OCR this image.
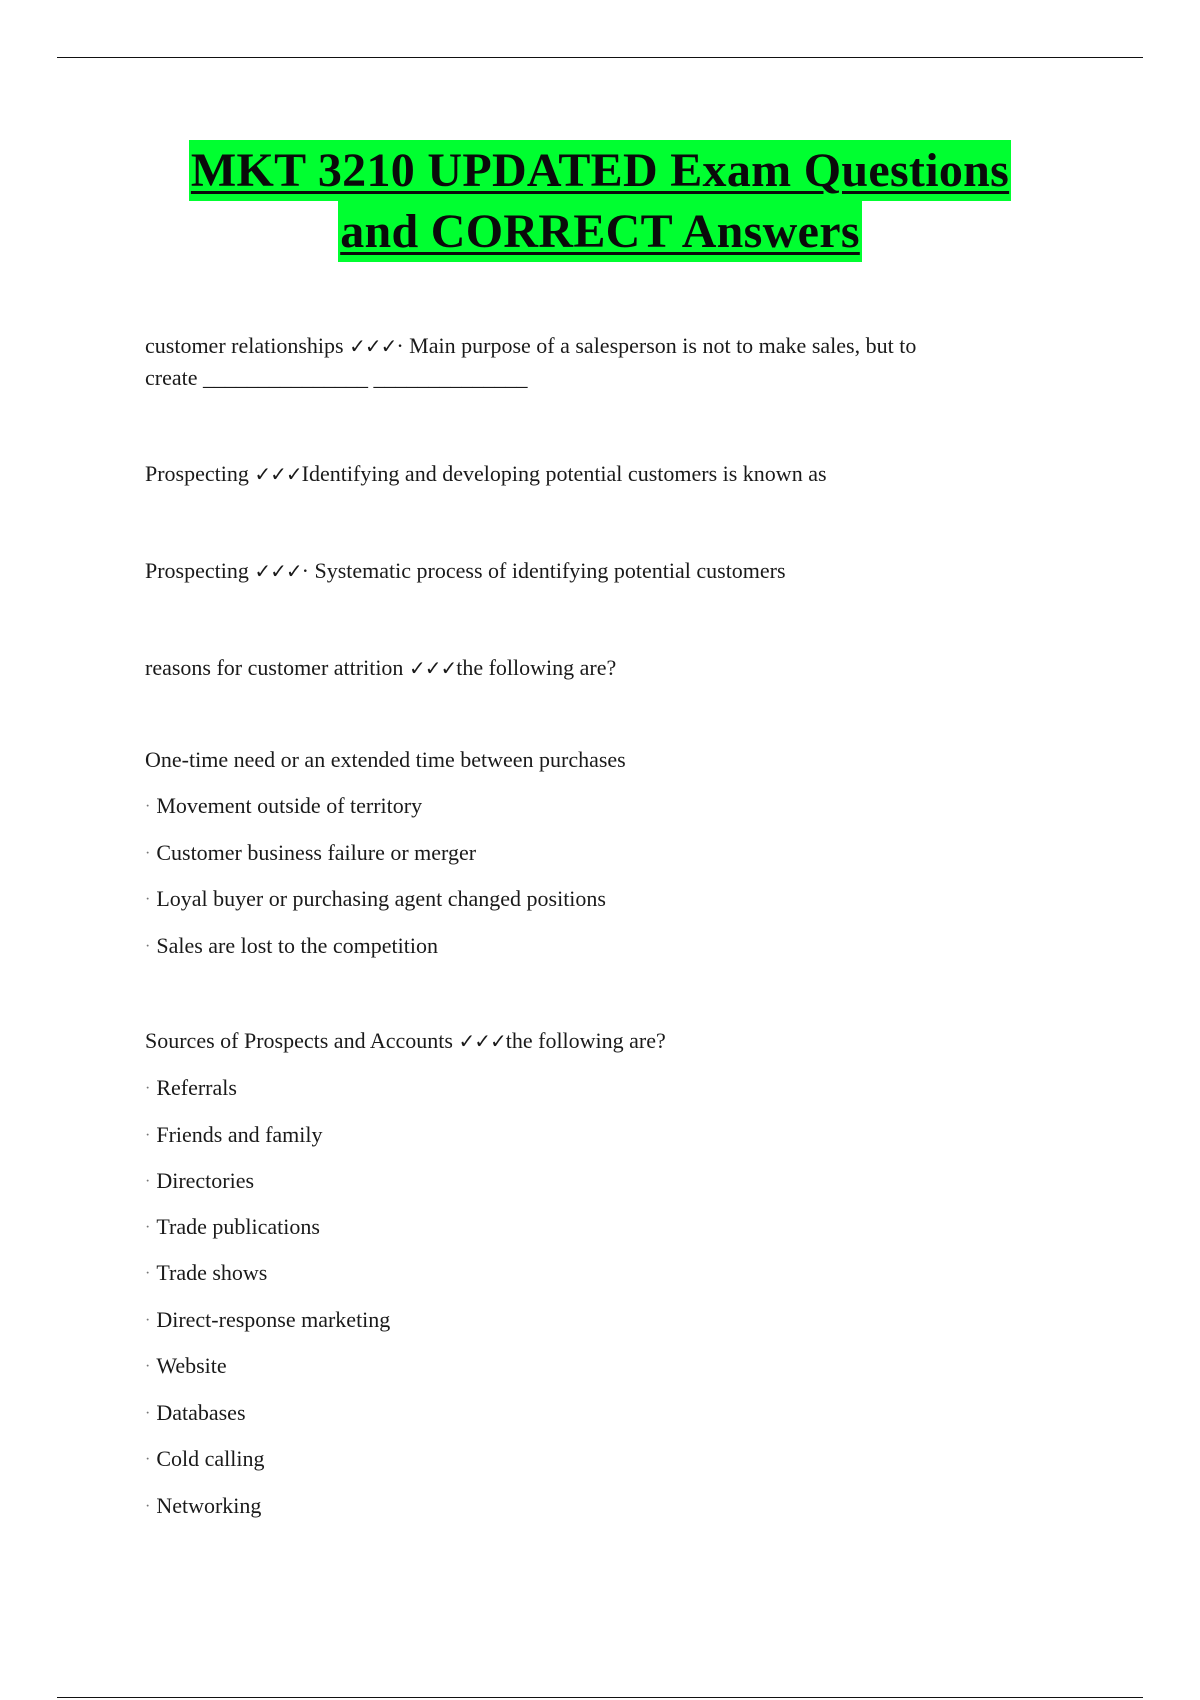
MKT 3210 UPDATED Exam Questions
and CORRECT Answers
customer relationships ✓✓✓· Main purpose of a salesperson is not to make sales, but to
create _______________ ______________
Prospecting ✓✓✓Identifying and developing potential customers is known as
Prospecting ✓✓✓· Systematic process of identifying potential customers
reasons for customer attrition ✓✓✓the following are?
One-time need or an extended time between purchases
· Movement outside of territory
· Customer business failure or merger
· Loyal buyer or purchasing agent changed positions
· Sales are lost to the competition
Sources of Prospects and Accounts ✓✓✓the following are?
· Referrals
· Friends and family
· Directories
· Trade publications
· Trade shows
· Direct-response marketing
· Website
· Databases
· Cold calling
· Networking
